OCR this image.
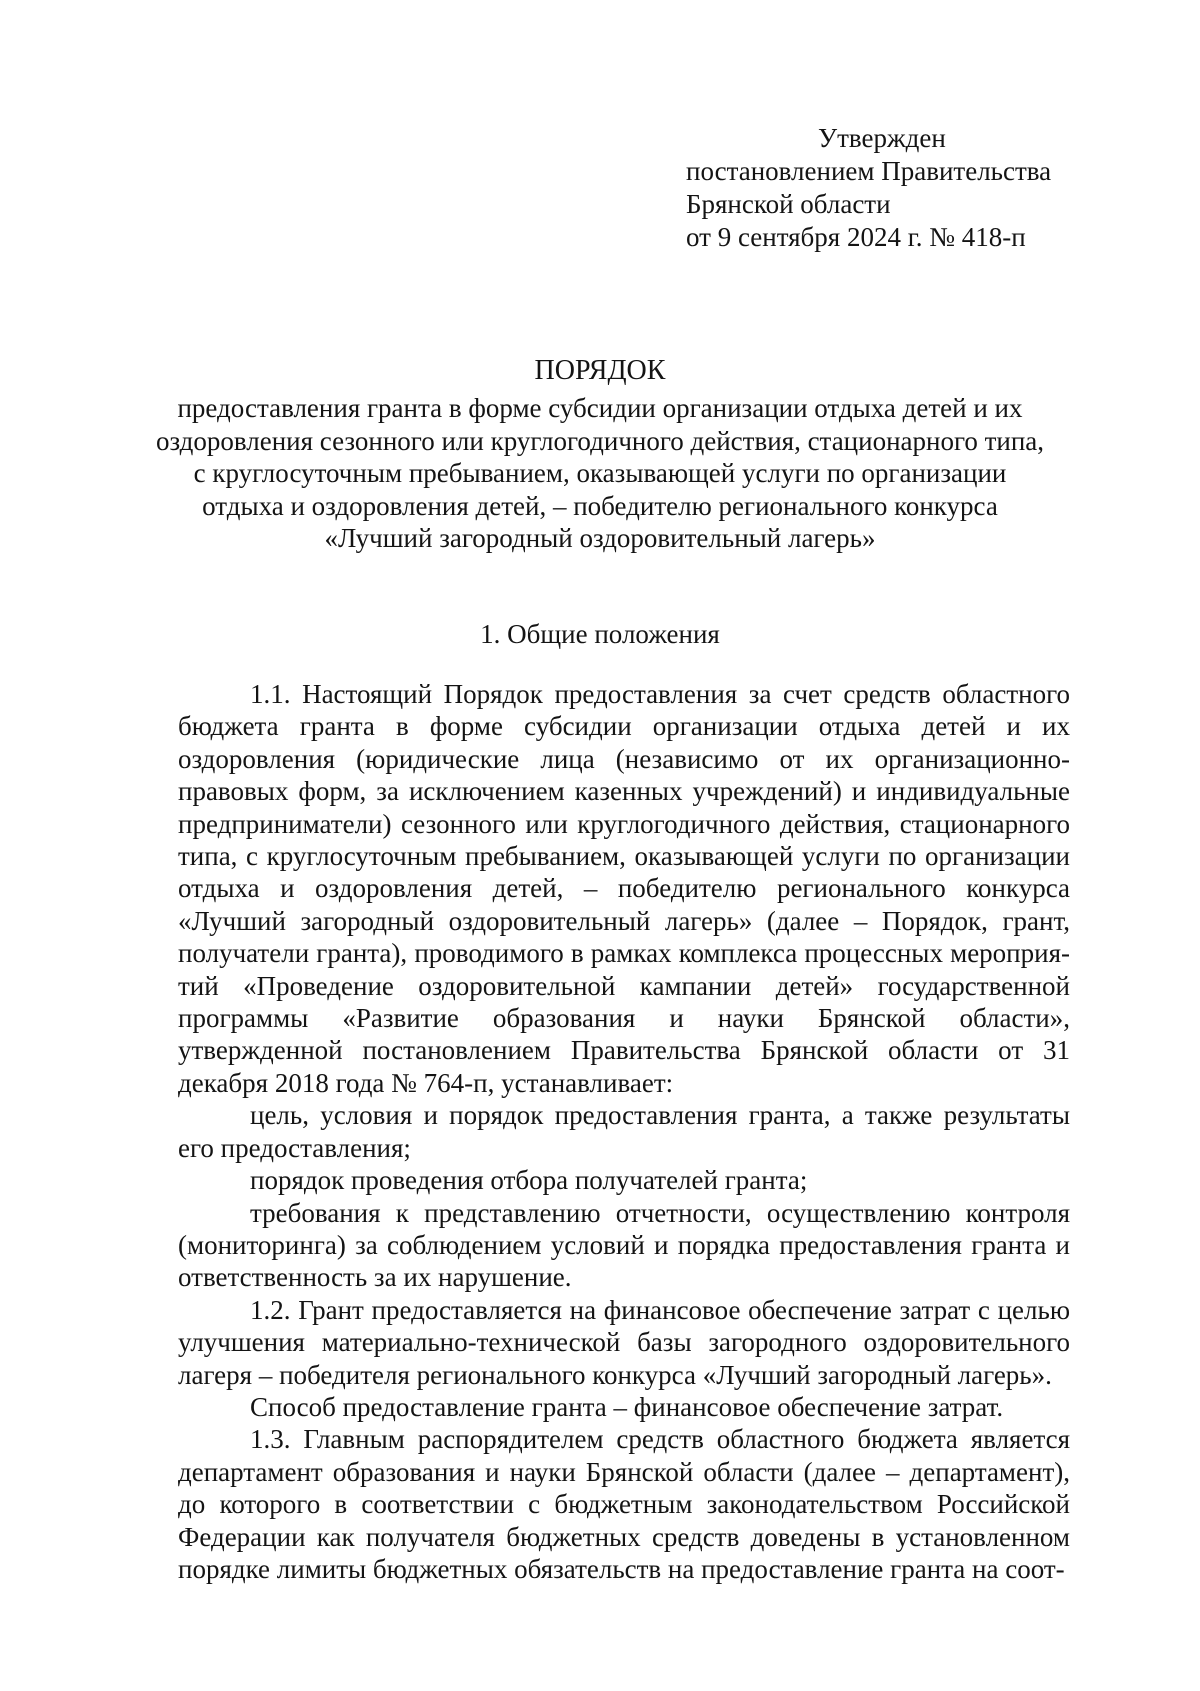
Утвержден
постановлением Правительства
Брянской области
от 9 сентября 2024 г. № 418-п
ПОРЯДОК
предоставления гранта в форме субсидии организации отдыха детей и их
оздоровления сезонного или круглогодичного действия, стационарного типа,
с круглосуточным пребыванием, оказывающей услуги по организации
отдыха и оздоровления детей, – победителю регионального конкурса
«Лучший загородный оздоровительный лагерь»
1. Общие положения

1.1. Настоящий Порядок предоставления за счет средств областного бюджета гранта в форме субсидии организации отдыха детей и их оздоровления (юридические лица (независимо от их организационно-правовых форм, за исключением казенных учреждений) и индивидуальные предприниматели) сезонного или круглогодичного действия, стационарного типа, с круглосуточным пребыванием, оказывающей услуги по организации отдыха и оздоровления детей, – победителю регионального конкурса «Лучший загородный оздоровительный лагерь» (далее – Порядок, грант, получатели гранта), проводимого в рамках комплекса процессных мероприя-тий «Проведение оздоровительной кампании детей» государственной программы «Развитие образования и науки Брянской области», утвержденной постановлением Правительства Брянской области от 31 декабря 2018 года № 764-п, устанавливает:

цель, условия и порядок предоставления гранта, а также результаты его предоставления;

порядок проведения отбора получателей гранта;

требования к представлению отчетности, осуществлению контроля (мониторинга) за соблюдением условий и порядка предоставления гранта и ответственность за их нарушение.

1.2. Грант предоставляется на финансовое обеспечение затрат с целью улучшения материально-технической базы загородного оздоровительного лагеря – победителя регионального конкурса «Лучший загородный лагерь».

Способ предоставление гранта – финансовое обеспечение затрат.

1.3. Главным распорядителем средств областного бюджета является департамент образования и науки Брянской области (далее – департамент), до которого в соответствии с бюджетным законодательством Российской Федерации как получателя бюджетных средств доведены в установленном порядке лимиты бюджетных обязательств на предоставление гранта на соот-
